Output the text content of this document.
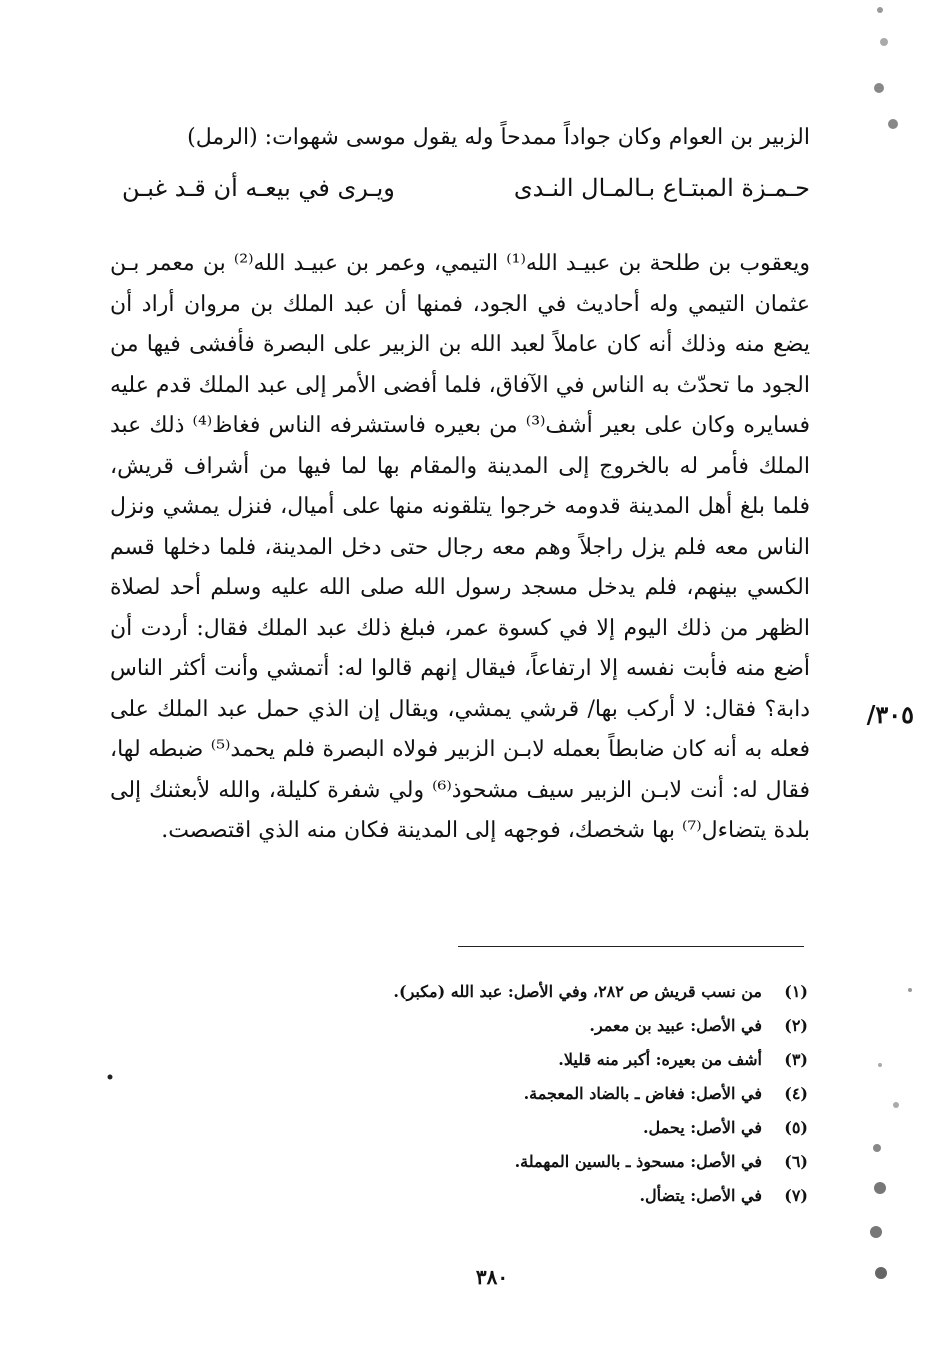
الزبير بن العوام وكان جواداً ممدحاً وله يقول موسى شهوات: (الرمل)
حـمـزة المبتـاع بـالمـال النـدى
ويـرى في بيعـه أن قـد غبـن
ويعقوب بن طلحة بن عبيـد الله⁽¹⁾ التيمي، وعمر بن عبيـد الله⁽²⁾ بن معمر بـن عثمان التيمي وله أحاديث في الجود، فمنها أن عبد الملك بن مروان أراد أن يضع منه وذلك أنه كان عاملاً لعبد الله بن الزبير على البصرة فأفشى فيها من الجود ما تحدّث به الناس في الآفاق، فلما أفضى الأمر إلى عبد الملك قدم عليه فسايره وكان على بعير أشف⁽³⁾ من بعيره فاستشرفه الناس فغاظ⁽⁴⁾ ذلك عبد الملك فأمر له بالخروج إلى المدينة والمقام بها لما فيها من أشراف قريش، فلما بلغ أهل المدينة قدومه خرجوا يتلقونه منها على أميال، فنزل يمشي ونزل الناس معه فلم يزل راجلاً وهم معه رجال حتى دخل المدينة، فلما دخلها قسم الكسي بينهم، فلم يدخل مسجد رسول الله صلى الله عليه وسلم أحد لصلاة الظهر من ذلك اليوم إلا في كسوة عمر، فبلغ ذلك عبد الملك فقال: أردت أن أضع منه فأبت نفسه إلا ارتفاعاً، فيقال إنهم قالوا له: أتمشي وأنت أكثر الناس دابة؟ فقال: لا أركب بها/ قرشي يمشي، ويقال إن الذي حمل عبد الملك على فعله به أنه كان ضابطاً بعمله لابـن الزبير فولاه البصرة فلم يحمد⁽⁵⁾ ضبطه لها، فقال له: أنت لابـن الزبير سيف مشحوذ⁽⁶⁾ ولي شفرة كليلة، والله لأبعثنك إلى بلدة يتضاءل⁽⁷⁾ بها شخصك، فوجهه إلى المدينة فكان منه الذي اقتصصت.
٣٠٥/
(١)من نسب قريش ص ٢٨٢، وفي الأصل: عبد الله (مكبر).
(٢)في الأصل: عبيد بن معمر.
(٣)أشف من بعيره: أكبر منه قليلا.
(٤)في الأصل: فغاض ـ بالضاد المعجمة.
(٥)في الأصل: يحمل.
(٦)في الأصل: مسحوذ ـ بالسين المهملة.
(٧)في الأصل: يتضأل.
٣٨٠
